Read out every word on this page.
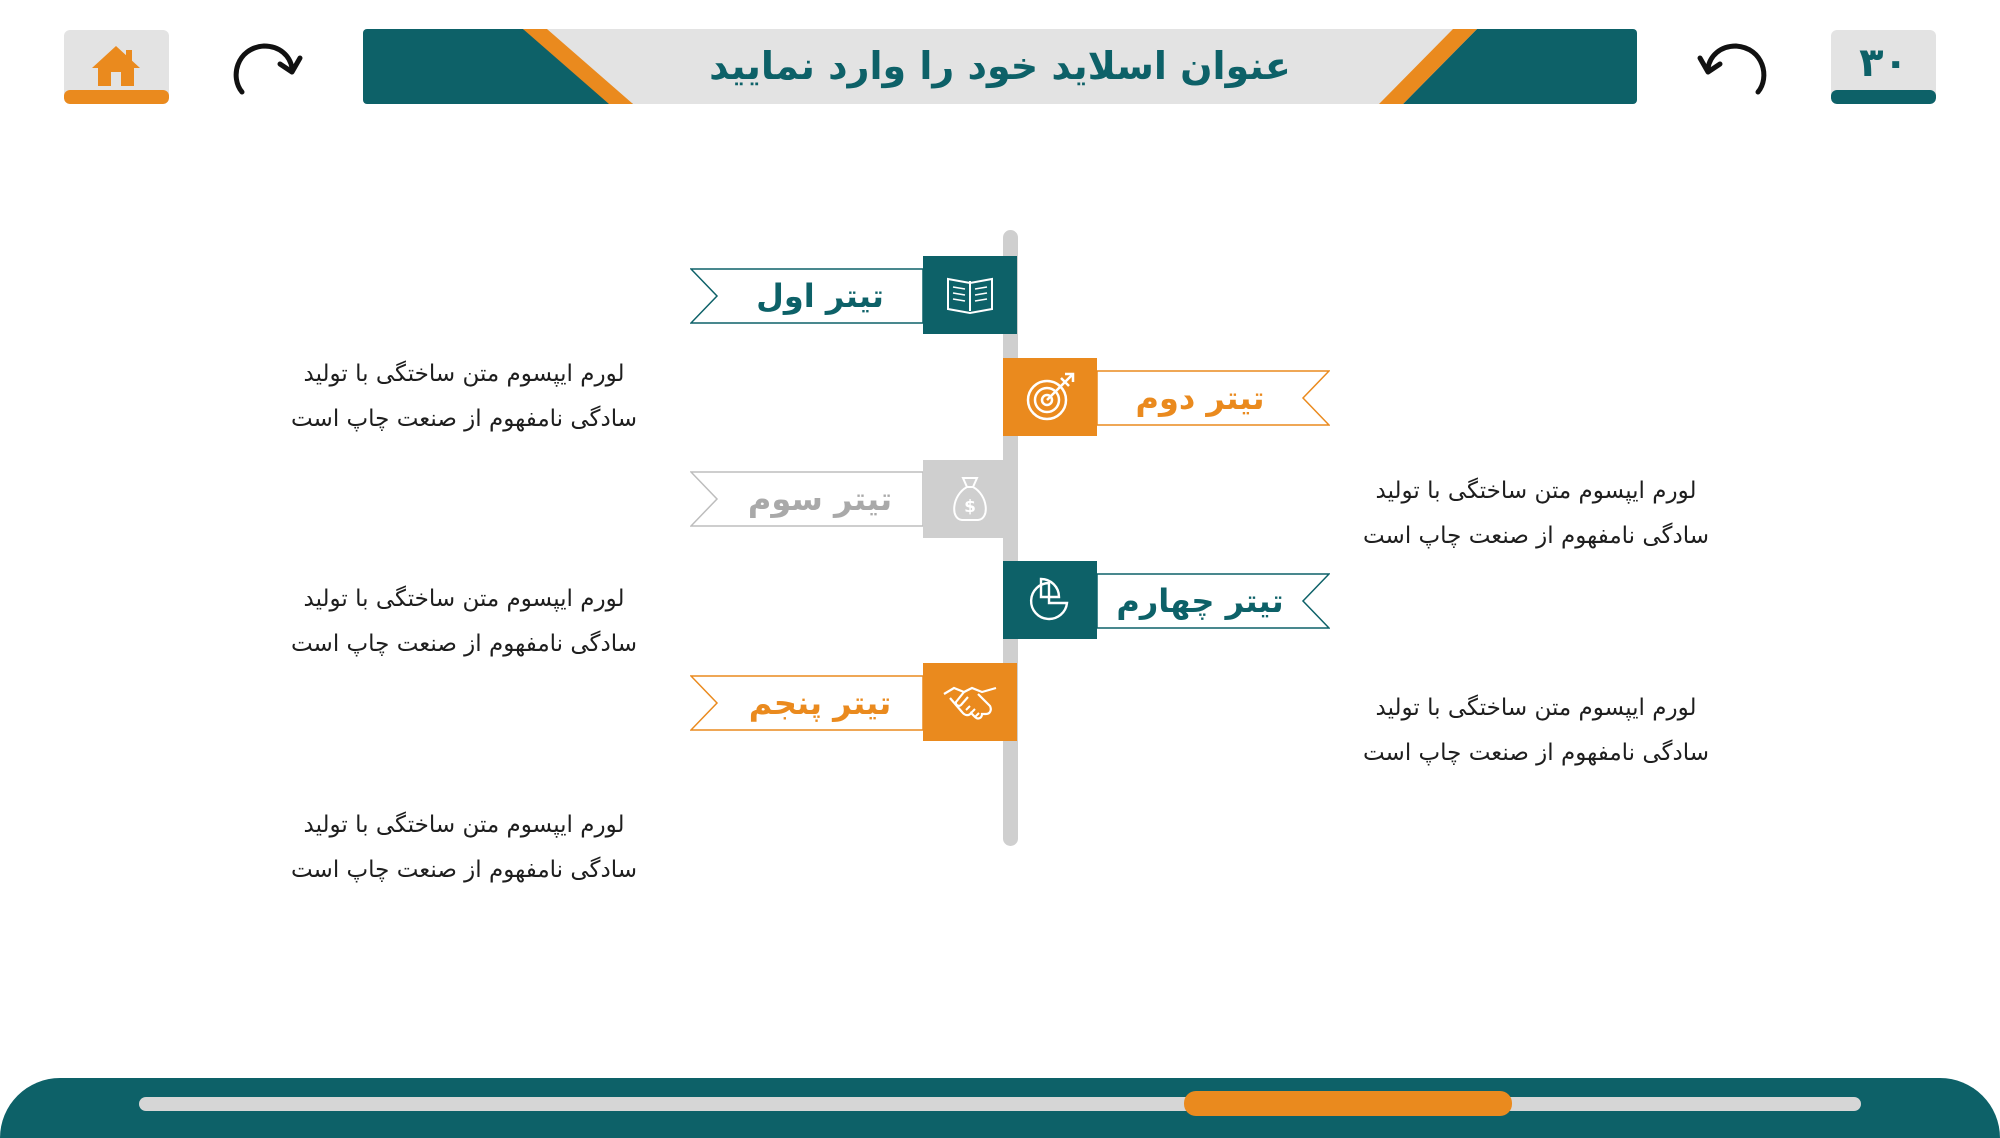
عنوان اسلاید خود را وارد نمایید	۳۰
تیتر اول
تیتر دوم
تیتر سوم	$
تیتر چهارم
تیتر پنجم
لورم ایپسوم متن ساختگی با تولید
سادگی نامفهوم از صنعت چاپ است
لورم ایپسوم متن ساختگی با تولید
سادگی نامفهوم از صنعت چاپ است
لورم ایپسوم متن ساختگی با تولید
سادگی نامفهوم از صنعت چاپ است
لورم ایپسوم متن ساختگی با تولید
سادگی نامفهوم از صنعت چاپ است
لورم ایپسوم متن ساختگی با تولید
سادگی نامفهوم از صنعت چاپ است
